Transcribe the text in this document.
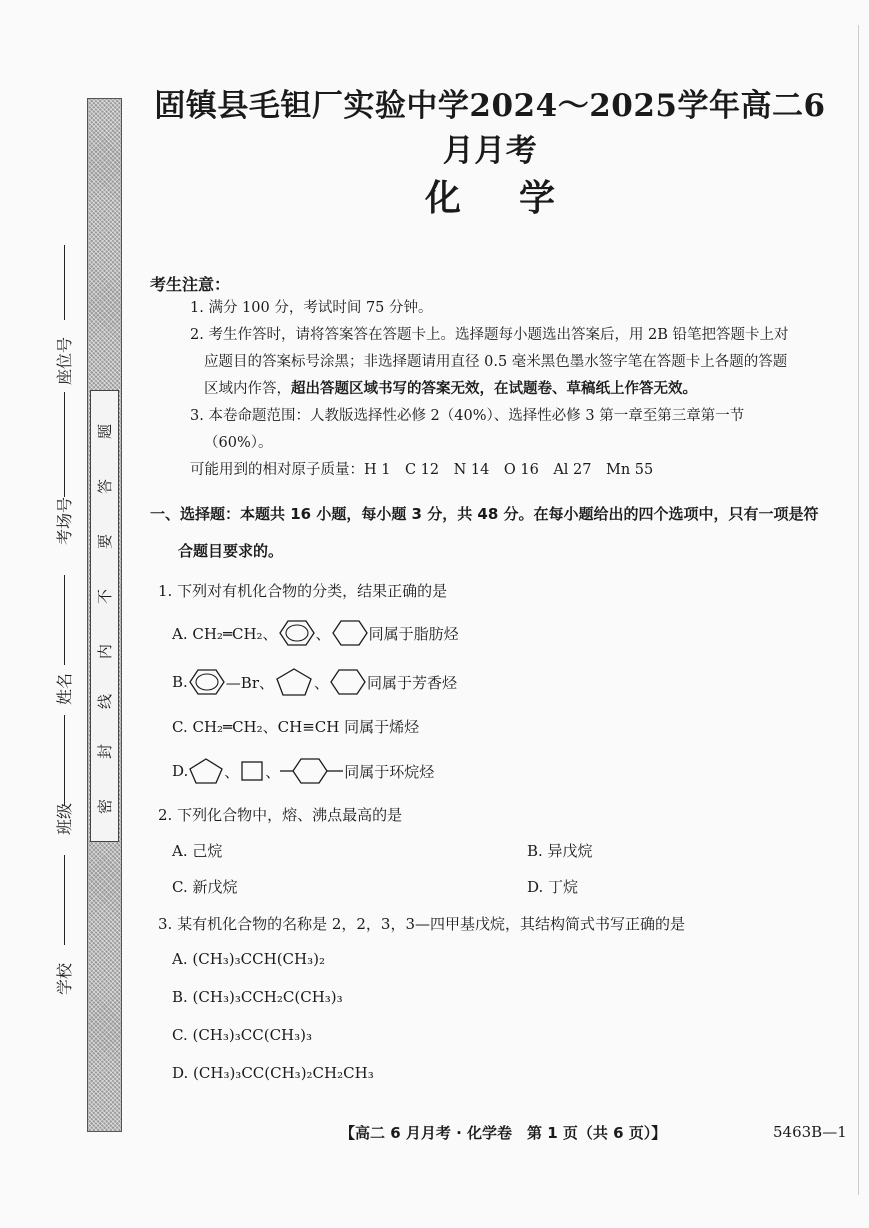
题
答
要
不
内
线
封
密
座位号
考场号
姓名
班级
学校
固镇县毛钽厂实验中学2024～2025学年高二6月月考
化学
考生注意：
1. 满分 100 分，考试时间 75 分钟。
2. 考生作答时，请将答案答在答题卡上。选择题每小题选出答案后，用 2B 铅笔把答题卡上对
应题目的答案标号涂黑；非选择题请用直径 0.5 毫米黑色墨水签字笔在答题卡上各题的答题
区域内作答，超出答题区域书写的答案无效，在试题卷、草稿纸上作答无效。
3. 本卷命题范围：人教版选择性必修 2（40%）、选择性必修 3 第一章至第三章第一节
（60%）。
可能用到的相对原子质量：H 1　C 12　N 14　O 16　Al 27　Mn 55
一、选择题：本题共 16 小题，每小题 3 分，共 48 分。在每小题给出的四个选项中，只有一项是符
合题目要求的。
1. 下列对有机化合物的分类，结果正确的是
A. CH₂═CH₂、	、	同属于脂肪烃
B.	—Br、	、	同属于芳香烃
C. CH₂═CH₂、CH≡CH 同属于烯烃
D. 、 、	同属于环烷烃
2. 下列化合物中，熔、沸点最高的是
A. 己烷	B. 异戊烷
C. 新戊烷	D. 丁烷
3. 某有机化合物的名称是 2，2，3，3—四甲基戊烷，其结构简式书写正确的是
A. (CH₃)₃CCH(CH₃)₂
B. (CH₃)₃CCH₂C(CH₃)₃
C. (CH₃)₃CC(CH₃)₃
D. (CH₃)₃CC(CH₃)₂CH₂CH₃
【高二 6 月月考 · 化学卷　第 1 页（共 6 页）】	5463B—1
